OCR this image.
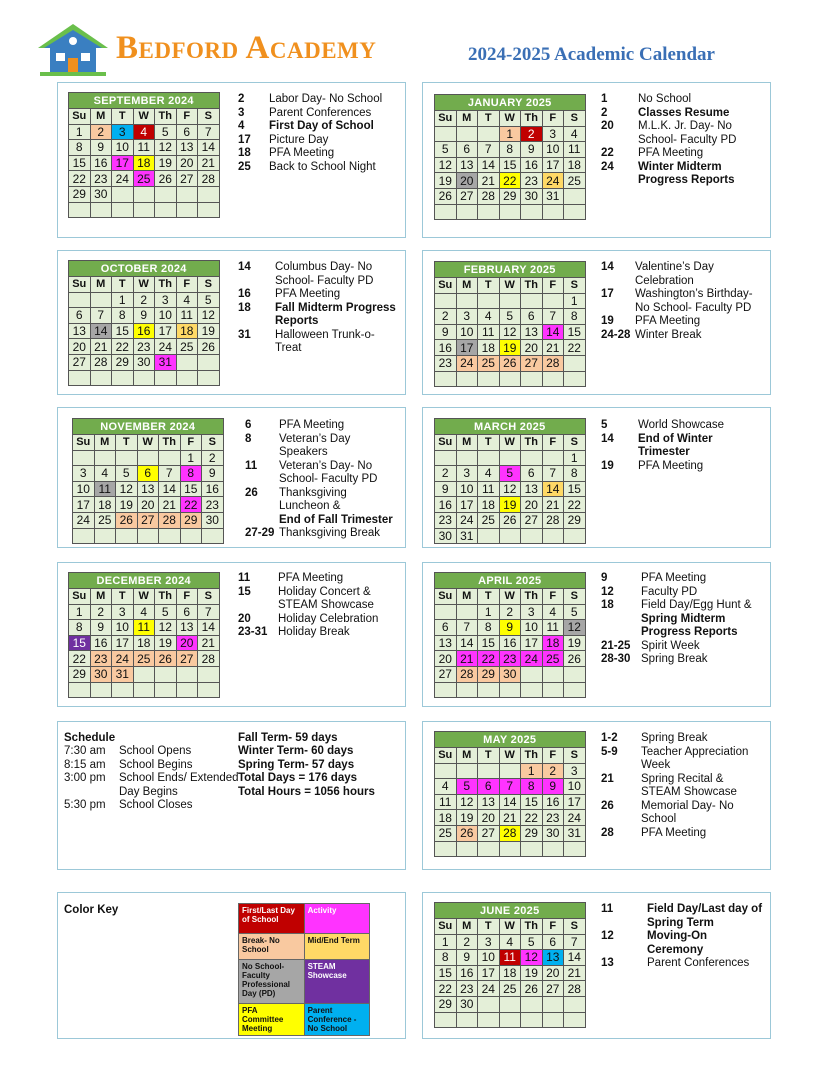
Bedford Academy	2024-2025 Academic Calendar
SEPTEMBER 2024						
Su	M	T	W	Th	F	S
1	2	3	4	5	6	7
8	9	10	11	12	13	14
15	16	17	18	19	20	21
22	23	24	25	26	27	28
29	30					

2	Labor Day- No School
3	Parent Conferences
4	First Day of School
17	Picture Day
18	PFA Meeting
25	Back to School Night
JANUARY 2025						
Su	M	T	W	Th	F	S
			1	2	3	4
5	6	7	8	9	10	11
12	13	14	15	16	17	18
19	20	21	22	23	24	25
26	27	28	29	30	31	

1	No School
2	Classes Resume
20	M.L.K. Jr. Day- No School- Faculty PD
22	PFA Meeting
24	Winter Midterm Progress Reports
OCTOBER 2024						
Su	M	T	W	Th	F	S
		1	2	3	4	5
6	7	8	9	10	11	12
13	14	15	16	17	18	19
20	21	22	23	24	25	26
27	28	29	30	31		

14	Columbus Day- No School- Faculty PD
16	PFA Meeting
18	Fall Midterm Progress Reports
31	Halloween Trunk-o-Treat
FEBRUARY 2025						
Su	M	T	W	Th	F	S
						1
2	3	4	5	6	7	8
9	10	11	12	13	14	15
16	17	18	19	20	21	22
23	24	25	26	27	28	

14	Valentine’s Day Celebration
17	Washington’s Birthday- No School- Faculty PD
19	PFA Meeting
24-28 Winter Break
NOVEMBER 2024						
Su	M	T	W	Th	F	S
					1	2
3	4	5	6	7	8	9
10	11	12	13	14	15	16
17	18	19	20	21	22	23
24	25	26	27	28	29	30

6	PFA Meeting
8	Veteran’s Day Speakers
11	Veteran’s Day- No School- Faculty PD
26	Thanksgiving Luncheon &
End of Fall Trimester
27-29 Thanksgiving Break
MARCH 2025						
Su	M	T	W	Th	F	S
						1
2	3	4	5	6	7	8
9	10	11	12	13	14	15
16	17	18	19	20	21	22
23	24	25	26	27	28	29
30	31					
5	World Showcase
14	End of Winter Trimester
19	PFA Meeting
DECEMBER 2024						
Su	M	T	W	Th	F	S
1	2	3	4	5	6	7
8	9	10	11	12	13	14
15	16	17	18	19	20	21
22	23	24	25	26	27	28
29	30	31				

11	PFA Meeting
15	Holiday Concert & STEAM Showcase
20	Holiday Celebration
23-31 Holiday Break
APRIL 2025						
Su	M	T	W	Th	F	S
		1	2	3	4	5
6	7	8	9	10	11	12
13	14	15	16	17	18	19
20	21	22	23	24	25	26
27	28	29	30			

9	PFA Meeting
12	Faculty PD
18	Field Day/Egg Hunt &
Spring Midterm Progress Reports
21-25 Spirit Week
28-30 Spring Break
MAY 2025						
Su	M	T	W	Th	F	S
				1	2	3
4	5	6	7	8	9	10
11	12	13	14	15	16	17
18	19	20	21	22	23	24
25	26	27	28	29	30	31

1-2	Spring Break
5-9	Teacher Appreciation Week
21	Spring Recital & STEAM Showcase
26	Memorial Day- No School
28	PFA Meeting
JUNE 2025						
Su	M	T	W	Th	F	S
1	2	3	4	5	6	7
8	9	10	11	12	13	14
15	16	17	18	19	20	21
22	23	24	25	26	27	28
29	30					

11	Field Day/Last day of Spring Term
12	Moving-On Ceremony
13	Parent Conferences
Schedule
7:30 am	School Opens
8:15 am	School Begins
3:00 pm	School Ends/ Extended Day Begins
5:30 pm	School Closes
Fall Term- 59 days
Winter Term- 60 days
Spring Term- 57 days
Total Days = 176 days
Total Hours = 1056 hours
Color Key	First/Last Day of School	Activity
Break- No School	Mid/End Term
No School- Faculty Professional Day (PD)	STEAM Showcase
PFA Committee Meeting	Parent Conference - No School
